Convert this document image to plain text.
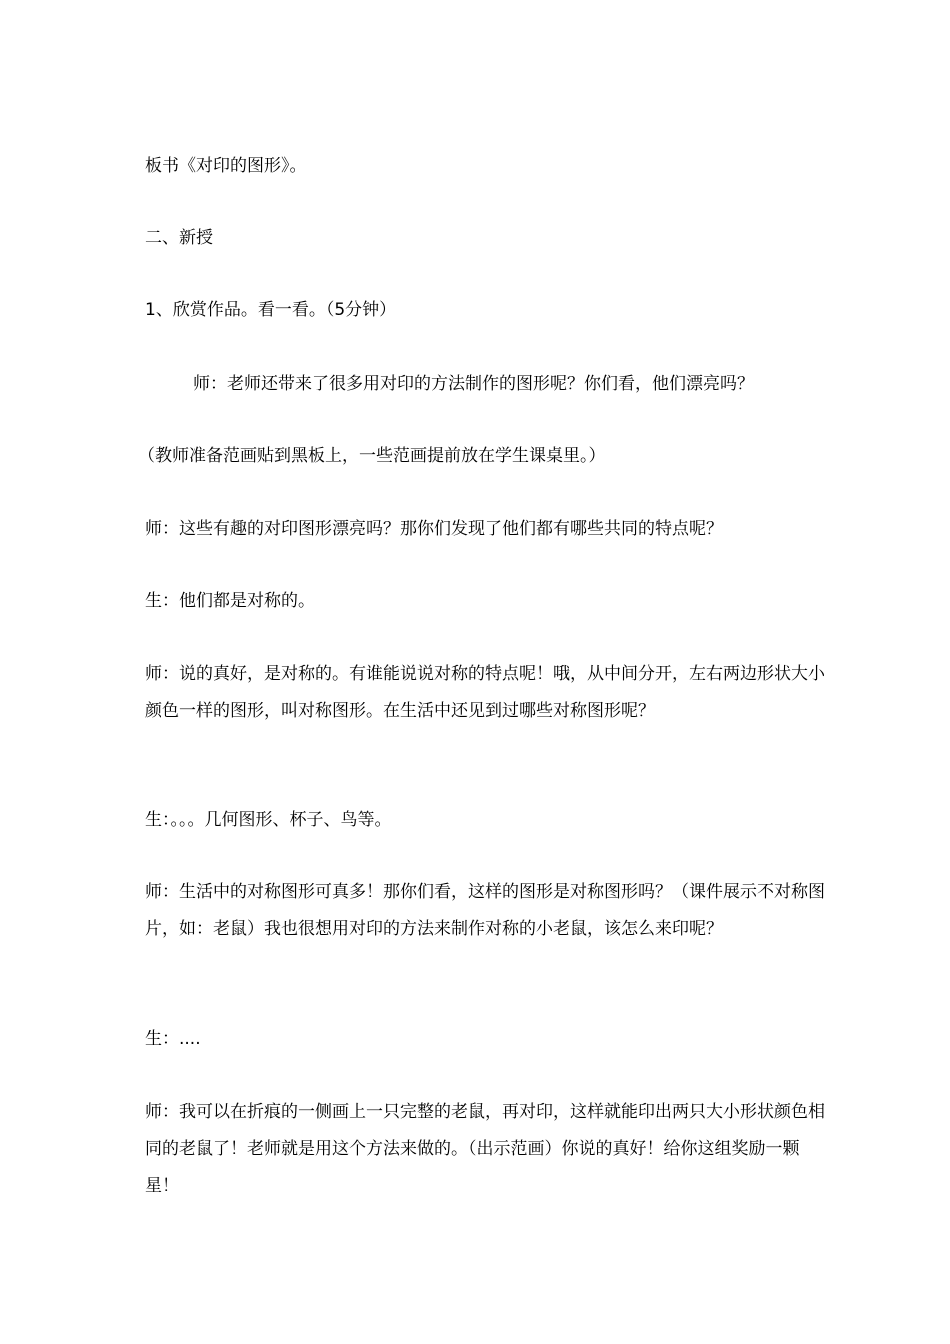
板书《对印的图形》。

二、新授

1、欣赏作品。看一看。（5分钟）

师：老师还带来了很多用对印的方法制作的图形呢？你们看，他们漂亮吗？

（教师准备范画贴到黑板上，一些范画提前放在学生课桌里。）

师：这些有趣的对印图形漂亮吗？那你们发现了他们都有哪些共同的特点呢？

生：他们都是对称的。

师：说的真好，是对称的。有谁能说说对称的特点呢！哦，从中间分开，左右两边形状大小颜色一样的图形，叫对称图形。在生活中还见到过哪些对称图形呢？

生：。。。几何图形、杯子、鸟等。

师：生活中的对称图形可真多！那你们看，这样的图形是对称图形吗？（课件展示不对称图片，如：老鼠）我也很想用对印的方法来制作对称的小老鼠，该怎么来印呢？

生：....

师：我可以在折痕的一侧画上一只完整的老鼠，再对印，这样就能印出两只大小形状颜色相同的老鼠了！老师就是用这个方法来做的。（出示范画）你说的真好！给你这组奖励一颗星！
